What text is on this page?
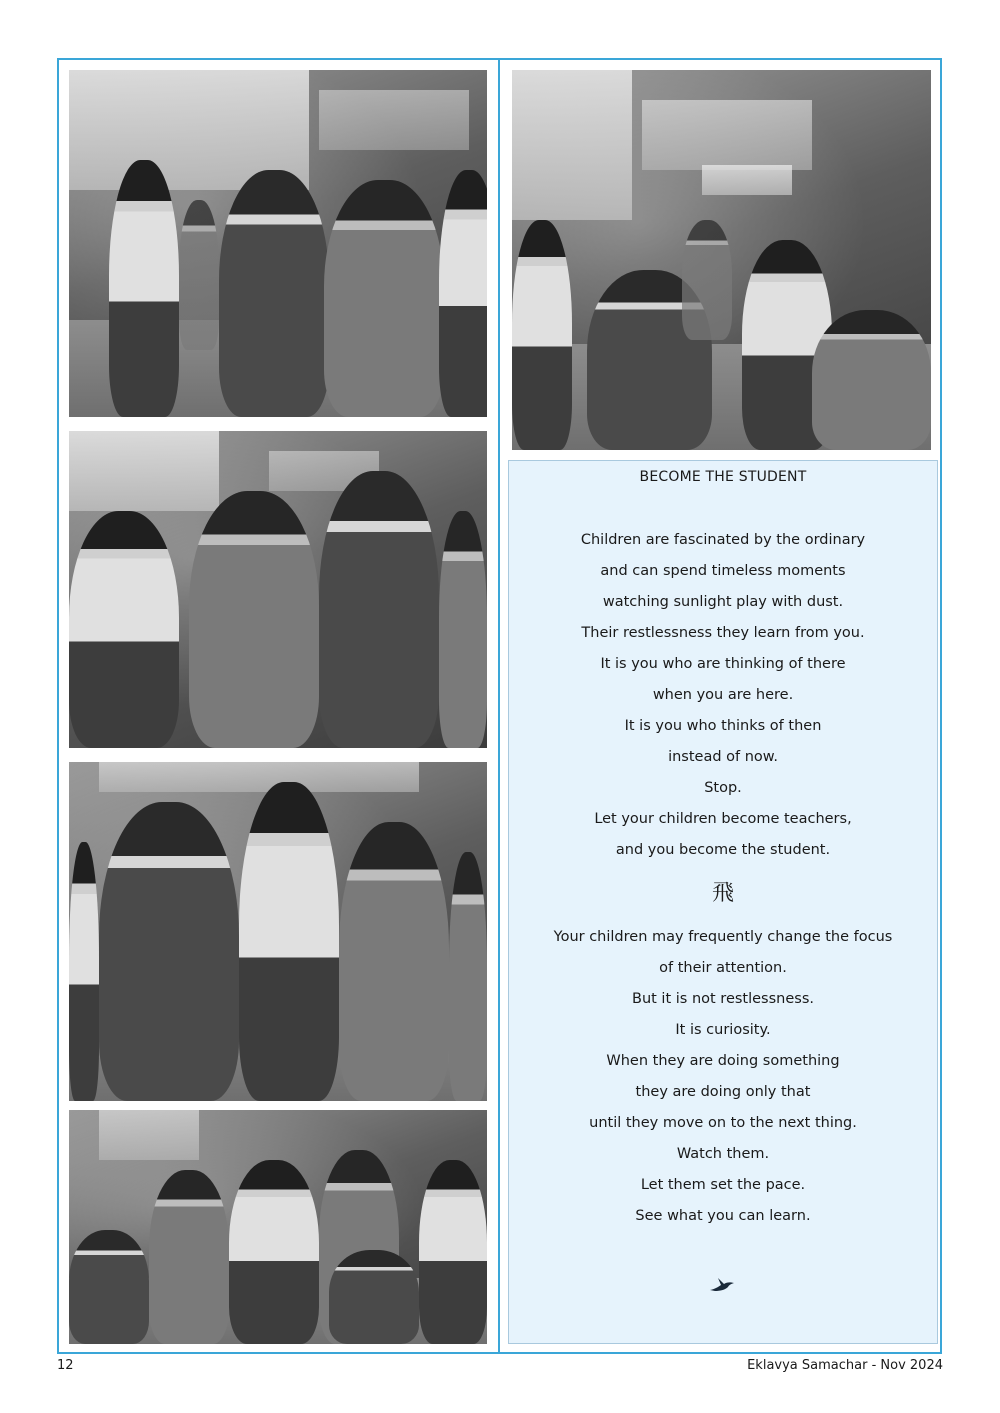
BECOME THE STUDENT
Children are fascinated by the ordinary
and can spend timeless moments
watching sunlight play with dust.
Their restlessness they learn from you.
It is you who are thinking of there
when you are here.
It is you who thinks of then
instead of now.
Stop.
Let your children become teachers,
and you become the student.
飛
Your children may frequently change the focus
of their attention.
But it is not restlessness.
It is curiosity.
When they are doing something
they are doing only that
until they move on to the next thing.
Watch them.
Let them set the pace.
See what you can learn.
12	Eklavya Samachar - Nov 2024
